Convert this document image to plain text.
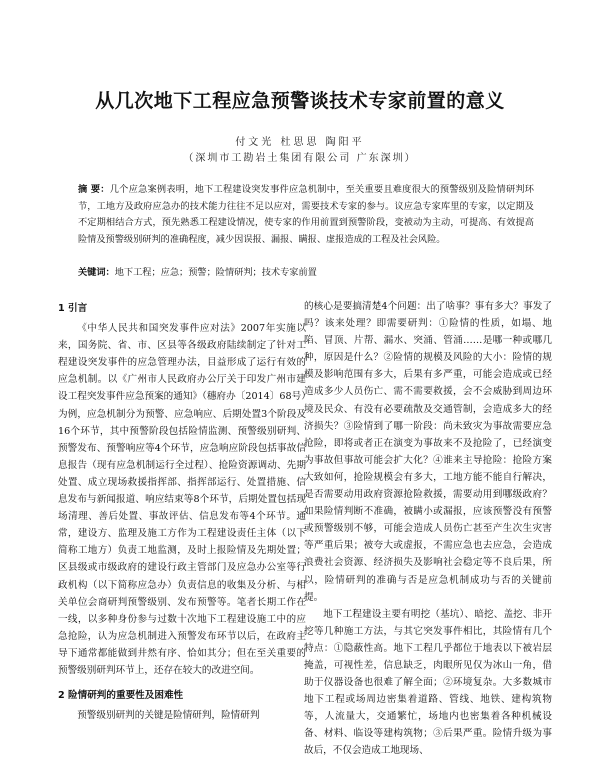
从几次地下工程应急预警谈技术专家前置的意义
付文光 杜思思 陶阳平
（深圳市工勘岩土集团有限公司 广东深圳）
摘 要：几个应急案例表明，地下工程建设突发事件应急机制中，至关重要且难度很大的预警级别及险情研判环节，工地方及政府应急办的技术能力往往不足以应对，需要技术专家的参与。议应急专家库里的专家，以定期及不定期相结合方式，预先熟悉工程建设情况，使专家的作用前置到预警阶段，变被动为主动，可提高、有效提高险情及预警级别研判的准确程度，减少因误报、漏报、瞒报、虚报造成的工程及社会风险。
关键词：地下工程；应急；预警；险情研判；技术专家前置
1 引言

《中华人民共和国突发事件应对法》2007年实施以来，国务院、省、市、区县等各级政府陆续制定了针对工程建设突发事件的应急管理办法，目益形成了运行有效的应急机制。以《广州市人民政府办公厅关于印发广州市建设工程突发事件应急预案的通知》（穗府办〔2014〕68号）为例，应急机制分为预警、应急响应、后期处置3个阶段及16个环节，其中预警阶段包括险情监测、预警级别研判、预警发布、预警响应等4个环节，应急响应阶段包括事故信息报告（现有应急机制运行全过程）、抢险资源调动、先期处置、成立现场救援指挥部、指挥部运行、处置措施、信息发布与新闻报道、响应结束等8个环节，后期处置包括现场清理、善后处置、事故评估、信息发布等4个环节。通常，建设方、监理及施工方作为工程建设责任主体（以下简称工地方）负责工地监测，及时上报险情及先期处置；区县级或市级政府的建设行政主管部门及应急办公室等行政机构（以下简称应急办）负责信息的收集及分析、与相关单位会商研判预警级别、发布预警等。笔者长期工作在一线，以多种身份参与过数十次地下工程建设施工中的应急抢险，认为应急机制进入预警发布环节以后，在政府主导下通常都能做到井然有序、恰如其分；但在至关重要的预警级别研判环节上，还存在较大的改进空间。

2 险情研判的重要性及困难性

预警级别研判的关键是险情研判，险情研判

的核心是要搞清楚4个问题：出了啥事？事有多大？事发了吗？该来处理？即需要研判：①险情的性质，如塌、地陷、冒顶、片帮、漏水、突涌、管涌……是哪一种或哪几种，原因是什么？②险情的规模及风险的大小：险情的规模及影响范围有多大，后果有多严重，可能会造成或已经造成多少人员伤亡、需不需要救援，会不会威胁到周边环境及民众、有没有必要疏散及交通管制，会造成多大的经济损失？③险情到了哪一阶段：尚未致灾为事故需要应急抢险，即将或者正在演变为事故来不及抢险了，已经演变为事故但事故可能会扩大化？④谁来主导抢险：抢险方案大致如何，抢险规模会有多大，工地方能不能自行解决，是否需要动用政府资源抢险救援，需要动用到哪级政府？如果险情判断不准确，被瞒小或漏报，应该预警没有预警或预警级别不够，可能会造成人员伤亡甚至产生次生灾害等严重后果；被夸大或虚报，不需应急也去应急，会造成浪费社会资源、经济损失及影响社会稳定等不良后果，所以，险情研判的准确与否是应急机制成功与否的关键前提。

地下工程建设主要有明挖（基坑）、暗挖、盖挖、非开挖等几种施工方法，与其它突发事件相比，其险情有几个特点：①隐蔽性高。地下工程几乎都位于地表以下被岩层掩盖，可视性差，信息缺乏，肉眼所见仅为冰山一角，借助于仪器设备也很难了解全面；②环境复杂。大多数城市地下工程或场周边密集着道路、管线、地铁、建构筑物等，人流量大，交通繁忙，场地内也密集着各种机械设备、材料、临设等建构筑物；③后果严重。险情升级为事故后，不仅会造成工地现场、
